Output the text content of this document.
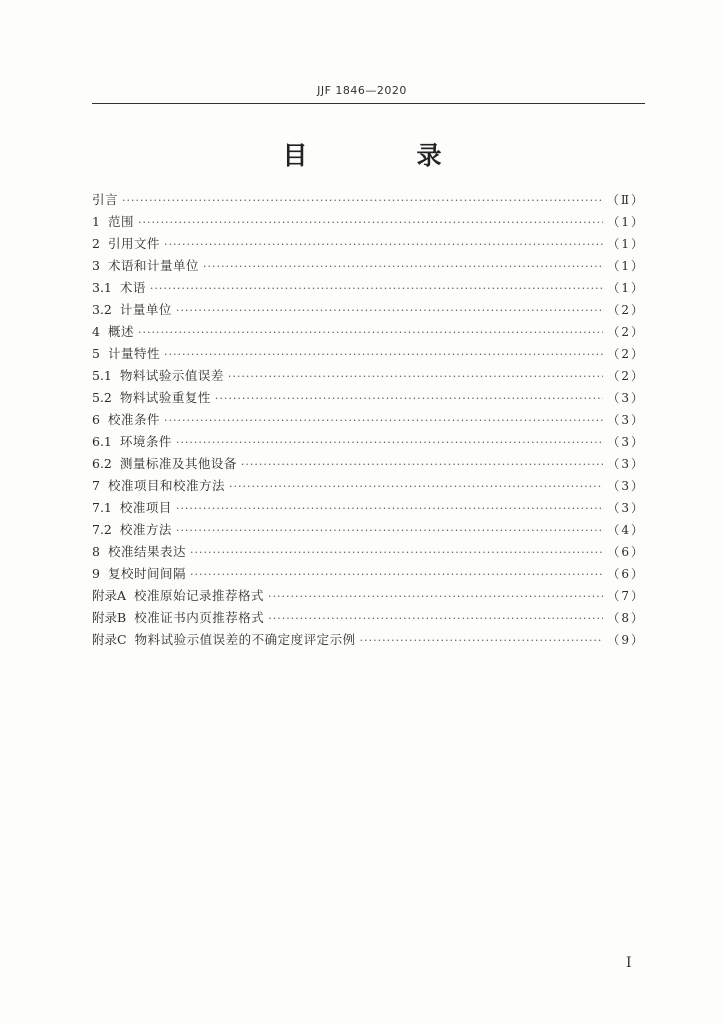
JJF 1846—2020
目　录
引言 ·····	（Ⅱ）
1 范围 ·····	（1）
2 引用文件 ·····	（1）
3 术语和计量单位 ·····	（1）
3.1 术语 ·····	（1）
3.2 计量单位 ·····	（2）
4 概述 ·····	（2）
5 计量特性 ·····	（2）
5.1 物料试验示值误差 ·····	（2）
5.2 物料试验重复性 ·····	（3）
6 校准条件 ·····	（3）
6.1 环境条件 ·····	（3）
6.2 测量标准及其他设备 ·····	（3）
7 校准项目和校准方法 ·····	（3）
7.1 校准项目 ·····	（3）
7.2 校准方法 ·····	（4）
8 校准结果表达 ·····	（6）
9 复校时间间隔 ·····	（6）
附录A 校准原始记录推荐格式 ·····	（7）
附录B 校准证书内页推荐格式 ·····	（8）
附录C 物料试验示值误差的不确定度评定示例 ·····	（9）
Ⅰ
